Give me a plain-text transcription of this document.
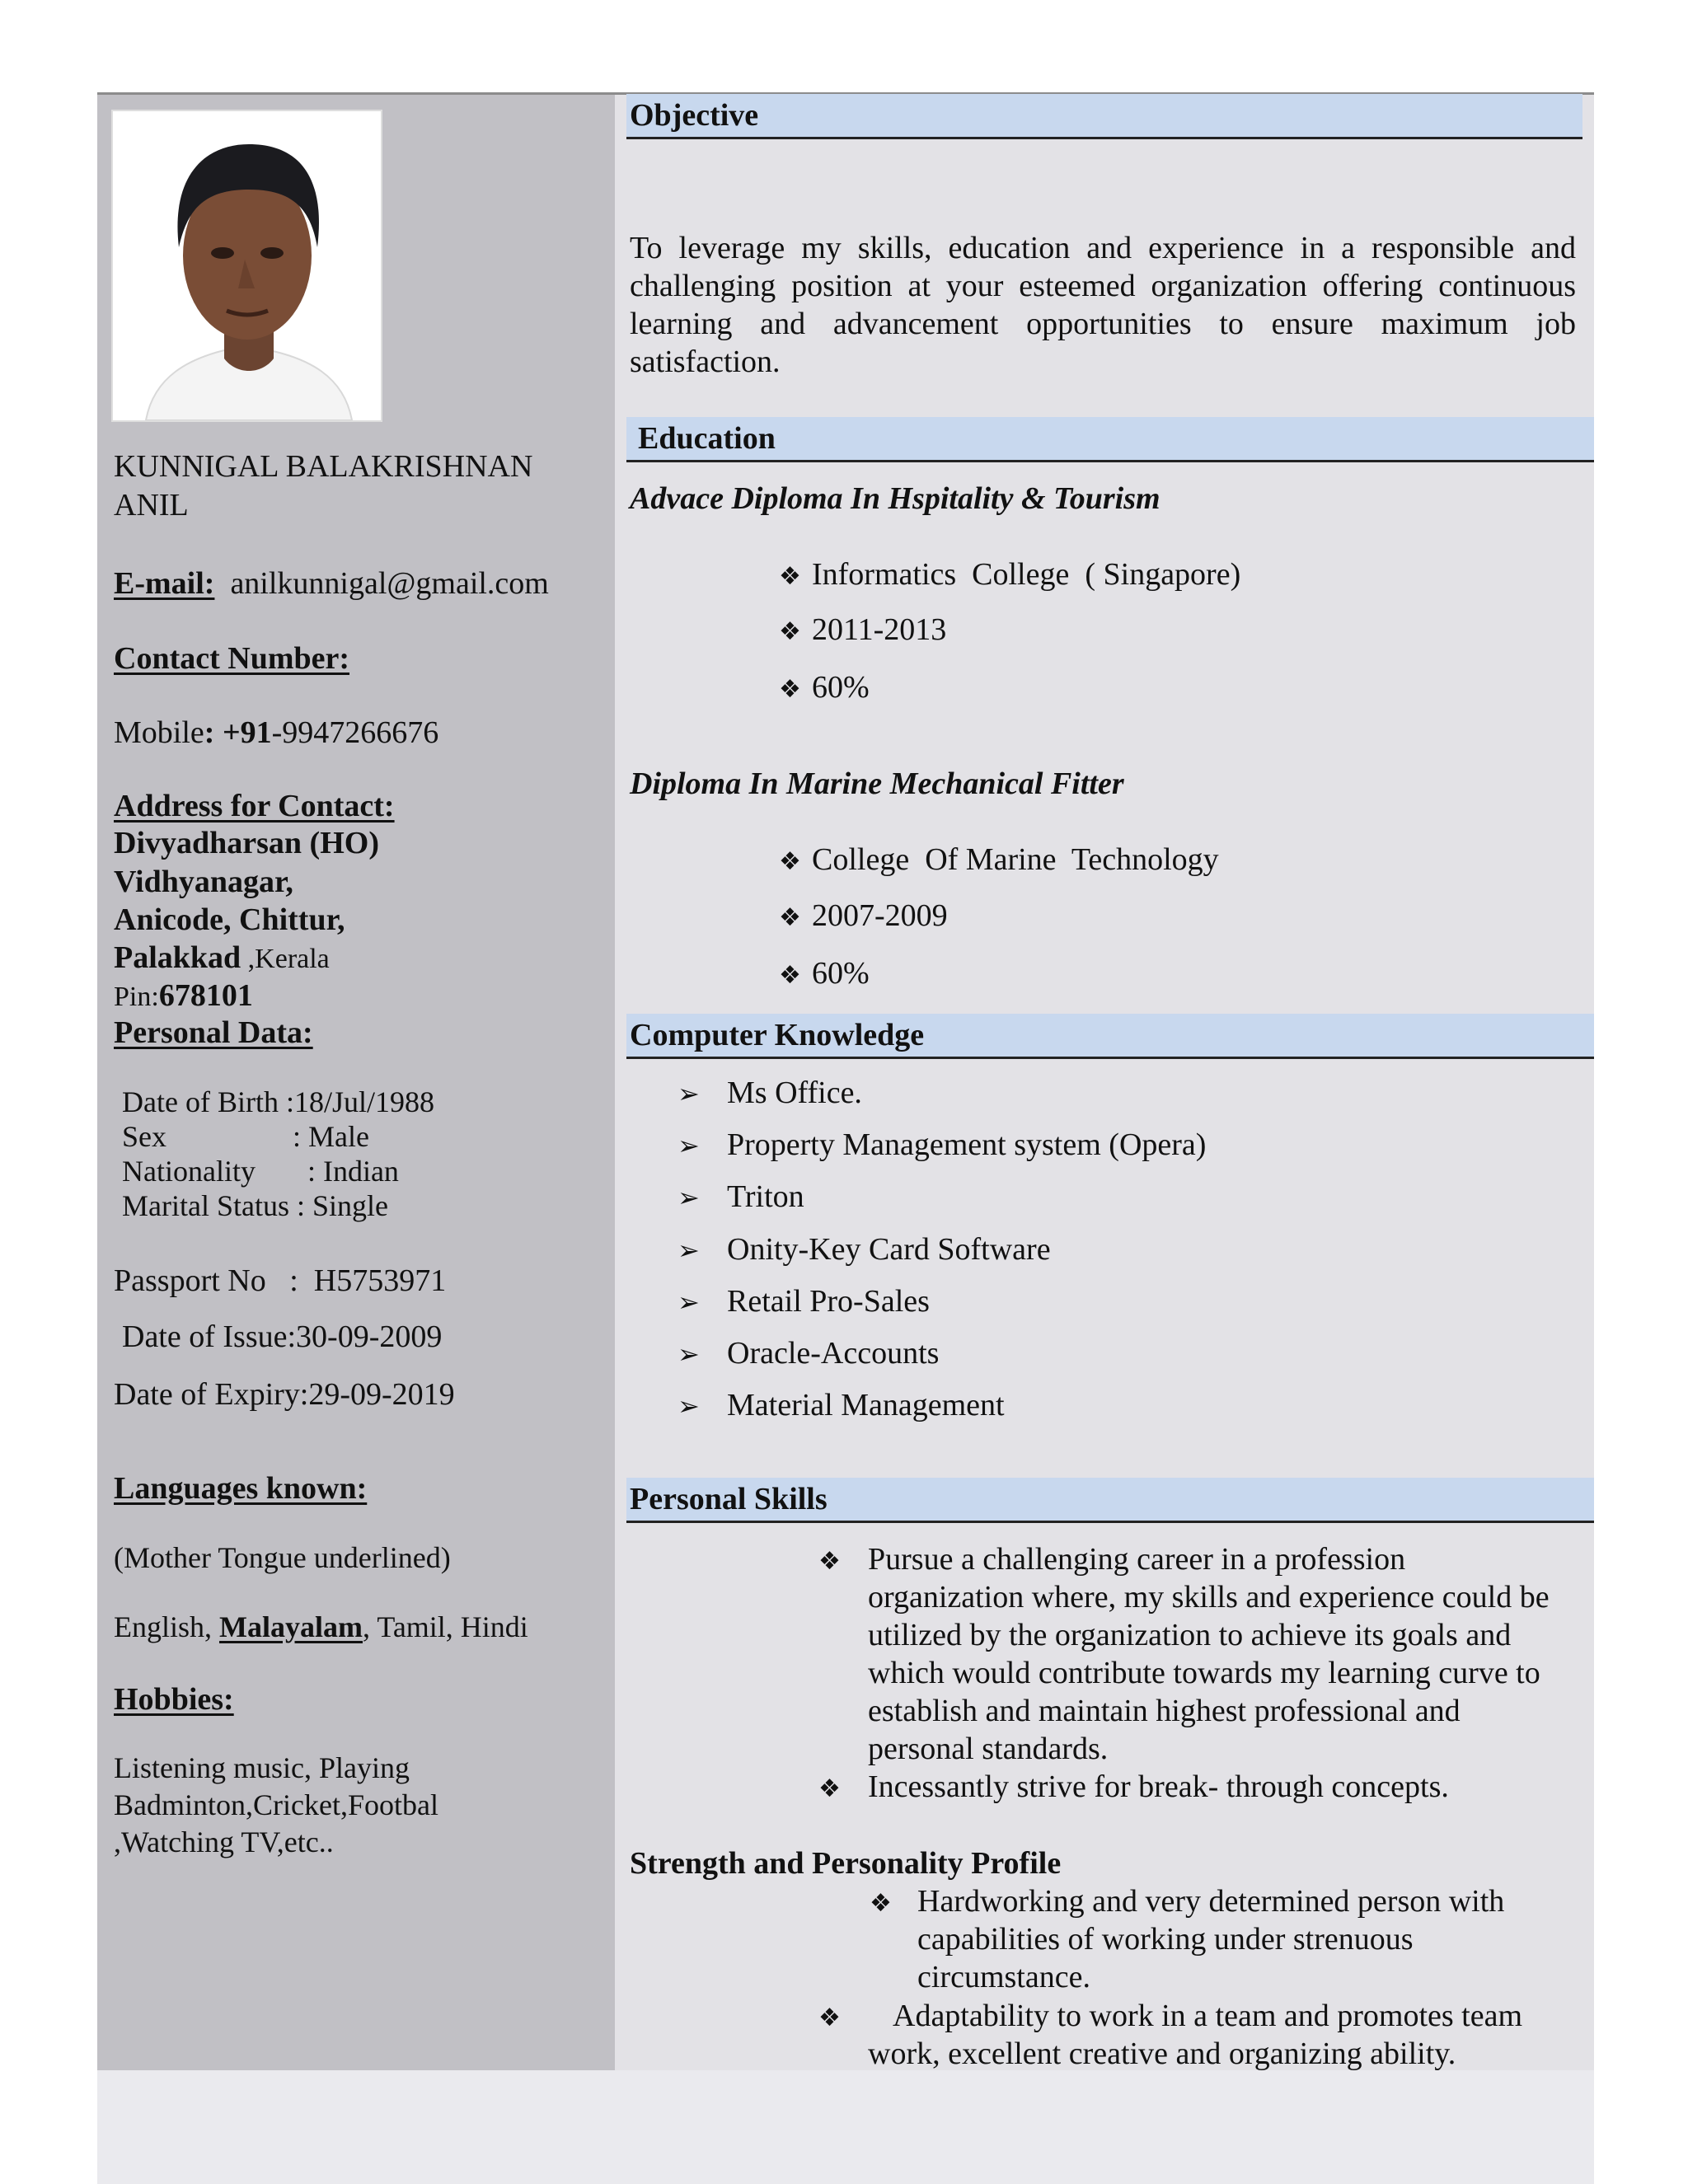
KUNNIGAL BALAKRISHNAN
ANIL
E-mail: anilkunnigal@gmail.com
Contact Number:
Mobile: +91-9947266676
Address for Contact:
Divyadharsan (HO)
Vidhyanagar,
Anicode, Chittur,
Palakkad ,Kerala
Pin:678101
Personal Data:
Date of Birth :18/Jul/1988
Sex                 : Male
Nationality       : Indian
Marital Status : Single
Passport No   :  H5753971
Date of Issue:30-09-2009
Date of Expiry:29-09-2019
Languages known:
(Mother Tongue underlined)
English, Malayalam, Tamil, Hindi
Hobbies:
Listening music, Playing
Badminton,Cricket,Footbal
,Watching TV,etc..
Objective
To leverage my skills, education and experience in a responsible and challenging position at your esteemed organization offering continuous learning and advancement opportunities to ensure maximum job satisfaction.
Education
Advace Diploma In Hspitality & Tourism
❖ Informatics  College  ( Singapore)
❖ 2011-2013
❖ 60%
Diploma In Marine Mechanical Fitter
❖ College  Of Marine  Technology
❖ 2007-2009
❖ 60%
Computer Knowledge
➢ Ms Office.
➢ Property Management system (Opera)
➢ Triton
➢ Onity-Key Card Software
➢ Retail Pro-Sales
➢ Oracle-Accounts
➢ Material Management
Personal Skills
❖ Pursue a challenging career in a profession organization where, my skills and experience could be utilized by the organization to achieve its goals and which would contribute towards my learning curve to establish and maintain highest professional and personal standards.
❖ Incessantly strive for break- through concepts.
Strength and Personality Profile
❖ Hardworking and very determined person with capabilities of working under strenuous circumstance.
❖	Adaptability to work in a team and promotes team work, excellent creative and organizing ability.
